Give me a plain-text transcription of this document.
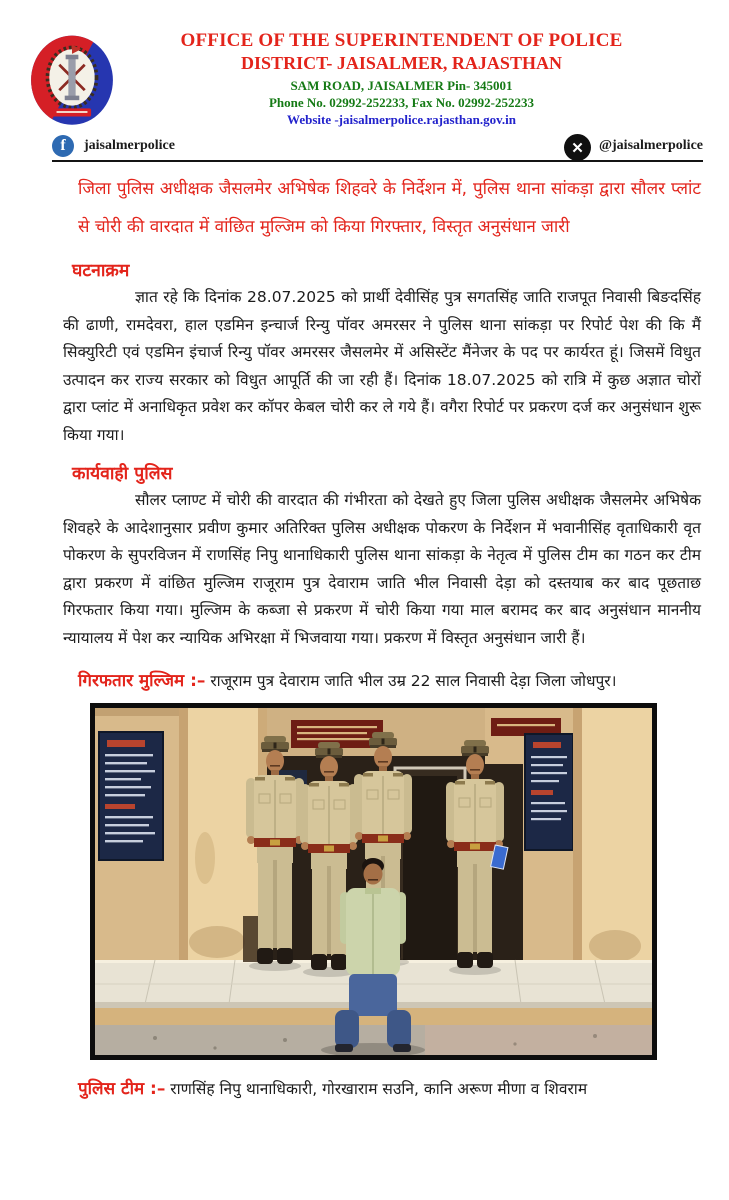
OFFICE OF THE SUPERINTENDENT OF POLICE
DISTRICT- JAISALMER, RAJASTHAN
SAM ROAD, JAISALMER Pin- 345001
Phone No. 02992-252233, Fax No. 02992-252233
Website -jaisalmerpolice.rajasthan.gov.in
f	jaisalmerpolice	✕	@jaisalmerpolice
जिला पुलिस अधीक्षक जैसलमेर अभिषेक शिहवरे के निर्देशन में, पुलिस थाना सांकड़ा द्वारा सौलर प्लांट से चोरी की वारदात में वांछित मुल्जिम को किया गिरफ्तार, विस्तृत अनुसंधान जारी
घटनाक्रम
ज्ञात रहे कि दिनांक 28.07.2025 को प्रार्थी देवीसिंह पुत्र सगतसिंह जाति राजपूत निवासी बिङदसिंह की ढाणी, रामदेवरा, हाल एडमिन इन्चार्ज रिन्यु पॉवर अमरसर ने पुलिस थाना सांकड़ा पर रिपोर्ट पेश की कि मैं सिक्युरिटी एवं एडमिन इंचार्ज रिन्यु पॉवर अमरसर जैसलमेर में असिस्टेंट मैंनेजर के पद पर कार्यरत हूं। जिसमें विधुत उत्पादन कर राज्य सरकार को विधुत आपूर्ति की जा रही हैं। दिनांक 18.07.2025 को रात्रि में कुछ अज्ञात चोरों द्वारा प्लांट में अनाधिकृत प्रवेश कर कॉपर केबल चोरी कर ले गये हैं। वगैरा रिपोर्ट पर प्रकरण दर्ज कर अनुसंधान शुरू किया गया।
कार्यवाही पुलिस
सौलर प्लाण्ट में चोरी की वारदात की गंभीरता को देखते हुए जिला पुलिस अधीक्षक जैसलमेर अभिषेक शिवहरे के आदेशानुसार प्रवीण कुमार अतिरिक्त पुलिस अधीक्षक पोकरण के निर्देशन में भवानीसिंह वृताधिकारी वृत पोकरण के सुपरविजन में राणसिंह निपु थानाधिकारी पुलिस थाना सांकड़ा के नेतृत्व में पुलिस टीम का गठन कर टीम द्वारा प्रकरण में वांछित मुल्जिम राजूराम पुत्र देवाराम जाति भील निवासी देड़ा को दस्तयाब कर बाद पूछताछ गिरफतार किया गया। मुल्जिम के कब्जा से प्रकरण में चोरी किया गया माल बरामद कर बाद अनुसंधान माननीय न्यायालय में पेश कर न्यायिक अभिरक्षा में भिजवाया गया। प्रकरण में विस्तृत अनुसंधान जारी हैं।
गिरफतार मुल्जिम :– राजूराम पुत्र देवाराम जाति भील उम्र 22 साल निवासी देड़ा जिला जोधपुर।
पुलिस टीम :– राणसिंह निपु थानाधिकारी, गोरखाराम सउनि, कानि अरूण मीणा व शिवराम
